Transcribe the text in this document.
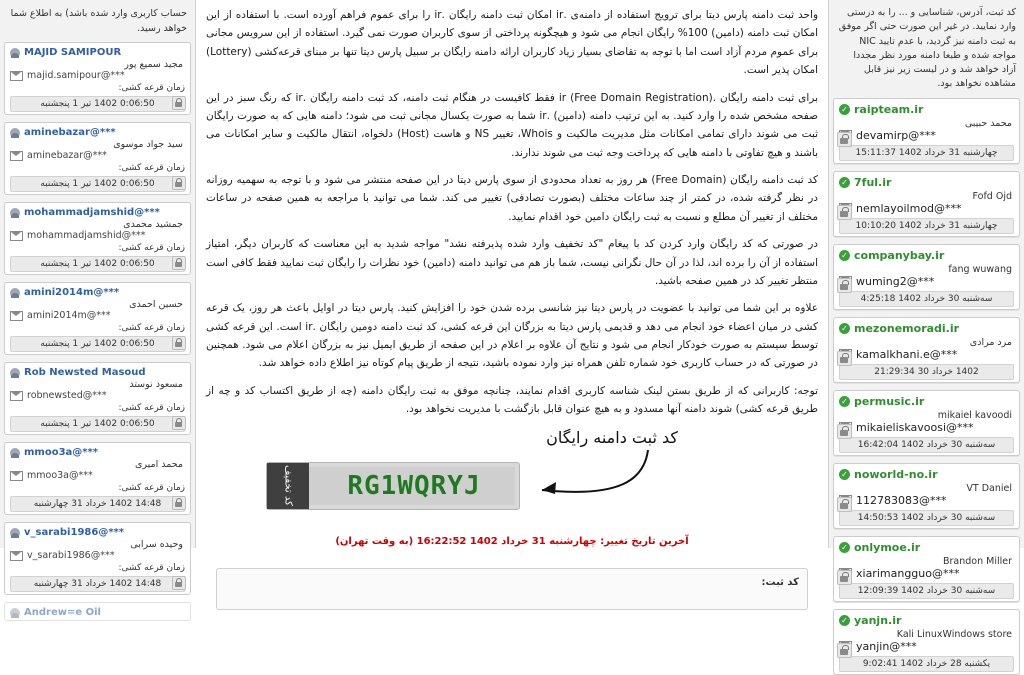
کد ثبت، آدرس، شناسایی و ... را به درستی وارد نمایید. در غیر این صورت حتی اگر موفق به ثبت دامنه نیز گردید، با عدم تایید NIC مواجه شده و طبعا دامنه مورد نظر مجددا آزاد خواهد شد و در لیست زیر نیز قابل مشاهده نخواهد بود.
✓ raipteam.ir
محمد حبیبی
devamirp@***
چهارشنبه 31 خرداد 1402 15:11:37
✓ 7ful.ir
Fofd Ojd
nemlayoilmod@***
چهارشنبه 31 خرداد 1402 10:10:20
✓ companybay.ir
fang wuwang
wuming2@***
سه‌شنبه 30 خرداد 1402 4:25:18
✓ mezonemoradi.ir
مرد مرادی
kamalkhani.e@***
1402 خرداد 30 21:29:34
✓ permusic.ir
mikaiel kavoodi
mikaieliskavoosi@***
سه‌شنبه 30 خرداد 1402 16:42:04
✓ noworld-no.ir
VT Daniel
112783083@***
سه‌شنبه 30 خرداد 1402 14:50:53
✓ onlymoe.ir
Brandon Miller
xiarimangguo@***
سه‌شنبه 30 خرداد 1402 12:09:39
✓ yanjn.ir
Kali LinuxWindows store
yanjin@***
یکشنبه 28 خرداد 1402 9:02:41

واحد ثبت دامنه پارس دیتا برای ترویج استفاده از دامنه‌ی .ir امکان ثبت دامنه رایگان .ir را برای عموم فراهم آورده است. با استفاده از این امکان ثبت دامنه (دامین) 100% رایگان انجام می شود و هیچگونه پرداختی از سوی کاربران صورت نمی گیرد. استفاده از این سرویس مجانی برای عموم مردم آزاد است اما با توجه به تقاضای بسیار زیاد کاربران ارائه دامنه رایگان بر سبیل پارس دیتا تنها بر مبنای قرعه‌کشی (Lottery) امکان پذیر است.

برای ثبت دامنه رایگان .ir (Free Domain Registration) فقط کافیست در هنگام ثبت دامنه، کد ثبت دامنه رایگان .ir که رنگ سبز در این صفحه مشخص شده را وارد کنید. به این ترتیب دامنه (دامین) .ir شما به صورت یکسال مجانی ثبت می شود؛ دامنه هایی که به صورت رایگان ثبت می شوند دارای تمامی امکانات مثل مدیریت مالکیت و Whois، تغییر NS و هاست (Host) دلخواه، انتقال مالکیت و سایر امکانات می باشند و هیچ تفاوتی با دامنه هایی که پرداخت وجه ثبت می شوند ندارند.

کد ثبت دامنه رایگان (Free Domain) هر روز به تعداد محدودی از سوی پارس دیتا در این صفحه منتشر می شود و با توجه به سهمیه روزانه در نظر گرفته شده، در کمتر از چند ساعات مختلف (بصورت تصادفی) تغییر می کند. شما می توانید با مراجعه به همین صفحه در ساعات مختلف از تغییر آن مطلع و نسبت به ثبت رایگان دامین خود اقدام نمایید.

در صورتی که کد رایگان وارد کردن کد با پیغام "کد تخفیف وارد شده پذیرفته نشد" مواجه شدید به این معناست که کاربران دیگر، امتیاز استفاده از آن را برده اند، لذا در آن حال نگرانی نیست، شما باز هم می توانید دامنه (دامین) خود نظرات را رایگان ثبت نمایید فقط کافی است منتظر تغییر کد در همین صفحه باشید.

علاوه بر این شما می توانید با عضویت در پارس دیتا نیز شانسی برده شدن خود را افزایش کنید. پارس دیتا در اوایل باعث هر روز، یک قرعه کشی در میان اعضاء خود انجام می دهد و قدیمی پارس دیتا به بزرگان این قرعه کشی، کد ثبت دامنه دومین رایگان .ir است. این قرعه کشی توسط سیستم به صورت خودکار انجام می شود و نتایج آن علاوه بر اعلام در این صفحه از طریق ایمیل نیز به بزرگان اعلام می شود. همچنین در صورتی که در حساب کاربری خود شماره تلفن همراه نیز وارد نموده باشید، نتیجه از طریق پیام کوتاه نیز اطلاع داده خواهد شد.

توجه: کاربرانی که از طریق بستن لینک شناسه کاربری اقدام نمایند، چنانچه موفق به ثبت رایگان دامنه (چه از طریق اکتساب کد و چه از طریق قرعه کشی) شوند دامنه آنها مسدود و به هیچ عنوان قابل بازگشت با مدیریت نخواهد بود.

کد ثبت دامنه رایگان
کد تخفیف	RG1WQRYJ
آخرین تاریخ تغییر: چهارشنبه 31 خرداد 1402 16:22:52 (به وقت تهران)
کد ثبت:
حساب کاربری وارد شده باشد) به اطلاع شما خواهد رسید.
MAJID SAMIPOUR
مجید سمیع پور
majid.samipour@***
زمان قرعه کشی:
0:06:50 1402 تیر 1 پنجشنبه
aminebazar@***
سید جواد موسوی
aminebazar@***
زمان قرعه کشی:
0:06:50 1402 تیر 1 پنجشنبه
mohammadjamshid@***
جمشید محمدی
mohammadjamshid@***
زمان قرعه کشی:
0:06:50 1402 تیر 1 پنجشنبه
amini2014m@***
حسین احمدی
amini2014m@***
زمان قرعه کشی:
0:06:50 1402 تیر 1 پنجشنبه
Rob Newsted Masoud
مسعود نوستد
robnewsted@***
زمان قرعه کشی:
0:06:50 1402 تیر 1 پنجشنبه
mmoo3a@***
محمد امیری
mmoo3a@***
زمان قرعه کشی:
14:48 1402 خرداد 31 چهارشنبه
v_sarabi1986@***
وحیده سرابی
v_sarabi1986@***
زمان قرعه کشی:
14:48 1402 خرداد 31 چهارشنبه
Andrew=e Oil
